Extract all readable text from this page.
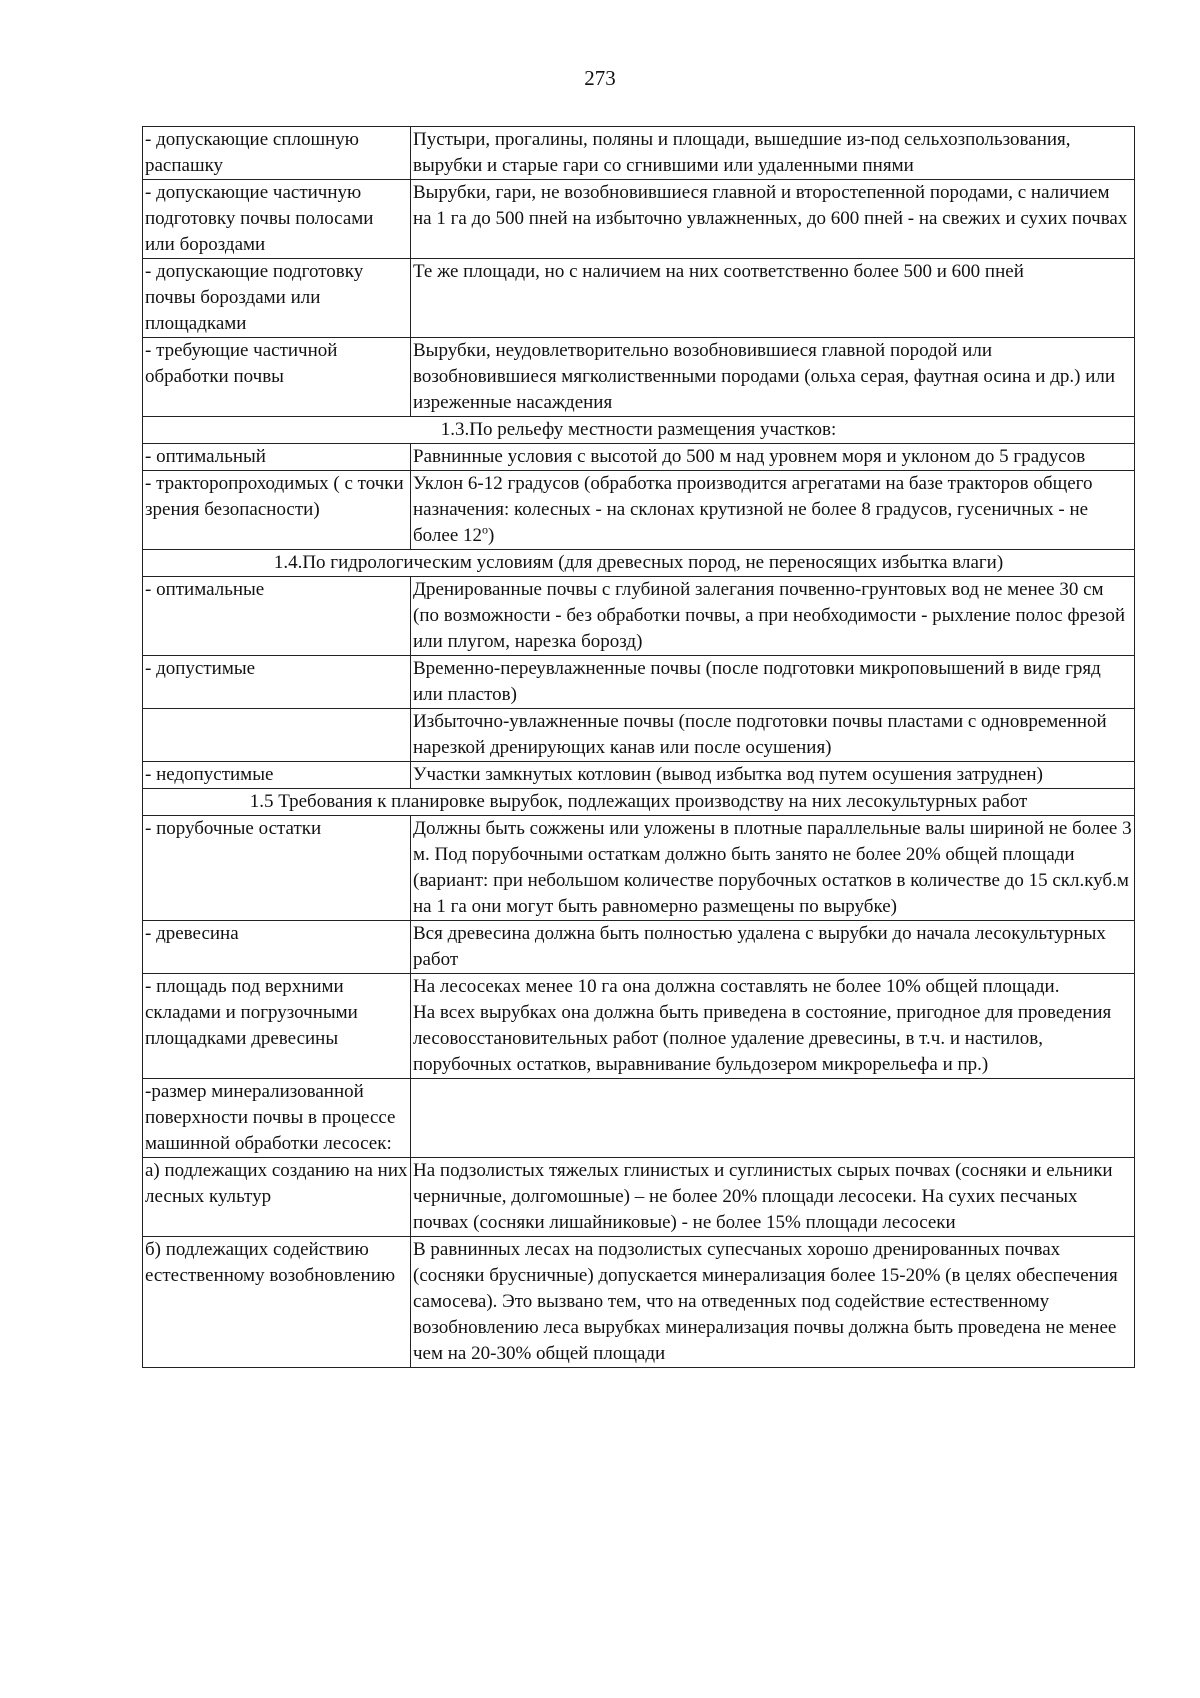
273
- допускающие сплошную распашку	Пустыри, прогалины, поляны и площади, вышедшие из-под сельхозпользования, вырубки и старые гари со сгнившими или удаленными пнями
- допускающие частичную подготовку почвы полосами или бороздами	Вырубки, гари, не возобновившиеся главной и второстепенной породами, с наличием на 1 га до 500 пней на избыточно увлажненных, до 600 пней - на свежих и сухих почвах
- допускающие подготовку почвы бороздами или площадками	Те же площади, но с наличием на них соответственно более 500 и 600 пней
- требующие частичной обработки почвы	Вырубки, неудовлетворительно возобновившиеся главной породой или возобновившиеся мягколиственными породами (ольха серая, фаутная осина и др.) или изреженные насаждения
1.3.По рельефу местности размещения участков:	
- оптимальный	Равнинные условия с высотой до 500 м над уровнем моря и уклоном до 5 градусов
- тракторопроходимых ( с точки зрения безопасности)	Уклон 6-12 градусов (обработка производится агрегатами на базе тракторов общего назначения: колесных - на склонах крутизной не более 8 градусов, гусеничных - не более $12^о$)
1.4.По гидрологическим условиям (для древесных пород, не переносящих избытка влаги)	
- оптимальные	Дренированные почвы с глубиной залегания почвенно-грунтовых вод не менее 30 см (по возможности - без обработки почвы, а при необходимости - рыхление полос фрезой или плугом, нарезка борозд)
- допустимые	Временно-переувлажненные почвы (после подготовки микроповышений в виде гряд или пластов)
	Избыточно-увлажненные почвы (после подготовки почвы пластами с одновременной нарезкой дренирующих канав или после осушения)
- недопустимые	Участки замкнутых котловин (вывод избытка вод путем осушения затруднен)
1.5 Требования к планировке вырубок, подлежащих производству на них лесокультурных работ	
- порубочные остатки	Должны быть сожжены или уложены в плотные параллельные валы шириной не более 3 м. Под порубочными остаткам должно быть занято не более 20% общей площади (вариант: при небольшом количестве порубочных остатков в количестве до 15 скл.куб.м на 1 га они могут быть равномерно размещены по вырубке)
- древесина	Вся древесина должна быть полностью удалена с вырубки до начала лесокультурных работ
- площадь под верхними складами и погрузочными площадками древесины	На лесосеках менее 10 га она должна составлять не более 10% общей площади.
На всех вырубках она должна быть приведена в состояние, пригодное для проведения лесовосстановительных работ (полное удаление древесины, в т.ч. и настилов, порубочных остатков, выравнивание бульдозером микрорельефа и пр.)

-размер минерализованной поверхности почвы в процессе машинной обработки лесосек:	
а) подлежащих созданию на них лесных культур	На подзолистых тяжелых глинистых и суглинистых сырых почвах (сосняки и ельники черничные, долгомошные) – не более 20% площади лесосеки. На сухих песчаных почвах (сосняки лишайниковые) - не более 15% площади лесосеки
б) подлежащих содействию естественному возобновлению	В равнинных лесах на подзолистых супесчаных хорошо дренированных почвах (сосняки брусничные) допускается минерализация более 15-20% (в целях обеспечения самосева). Это вызвано тем, что на отведенных под содействие естественному возобновлению леса вырубках минерализация почвы должна быть проведена не менее чем на 20-30% общей площади
